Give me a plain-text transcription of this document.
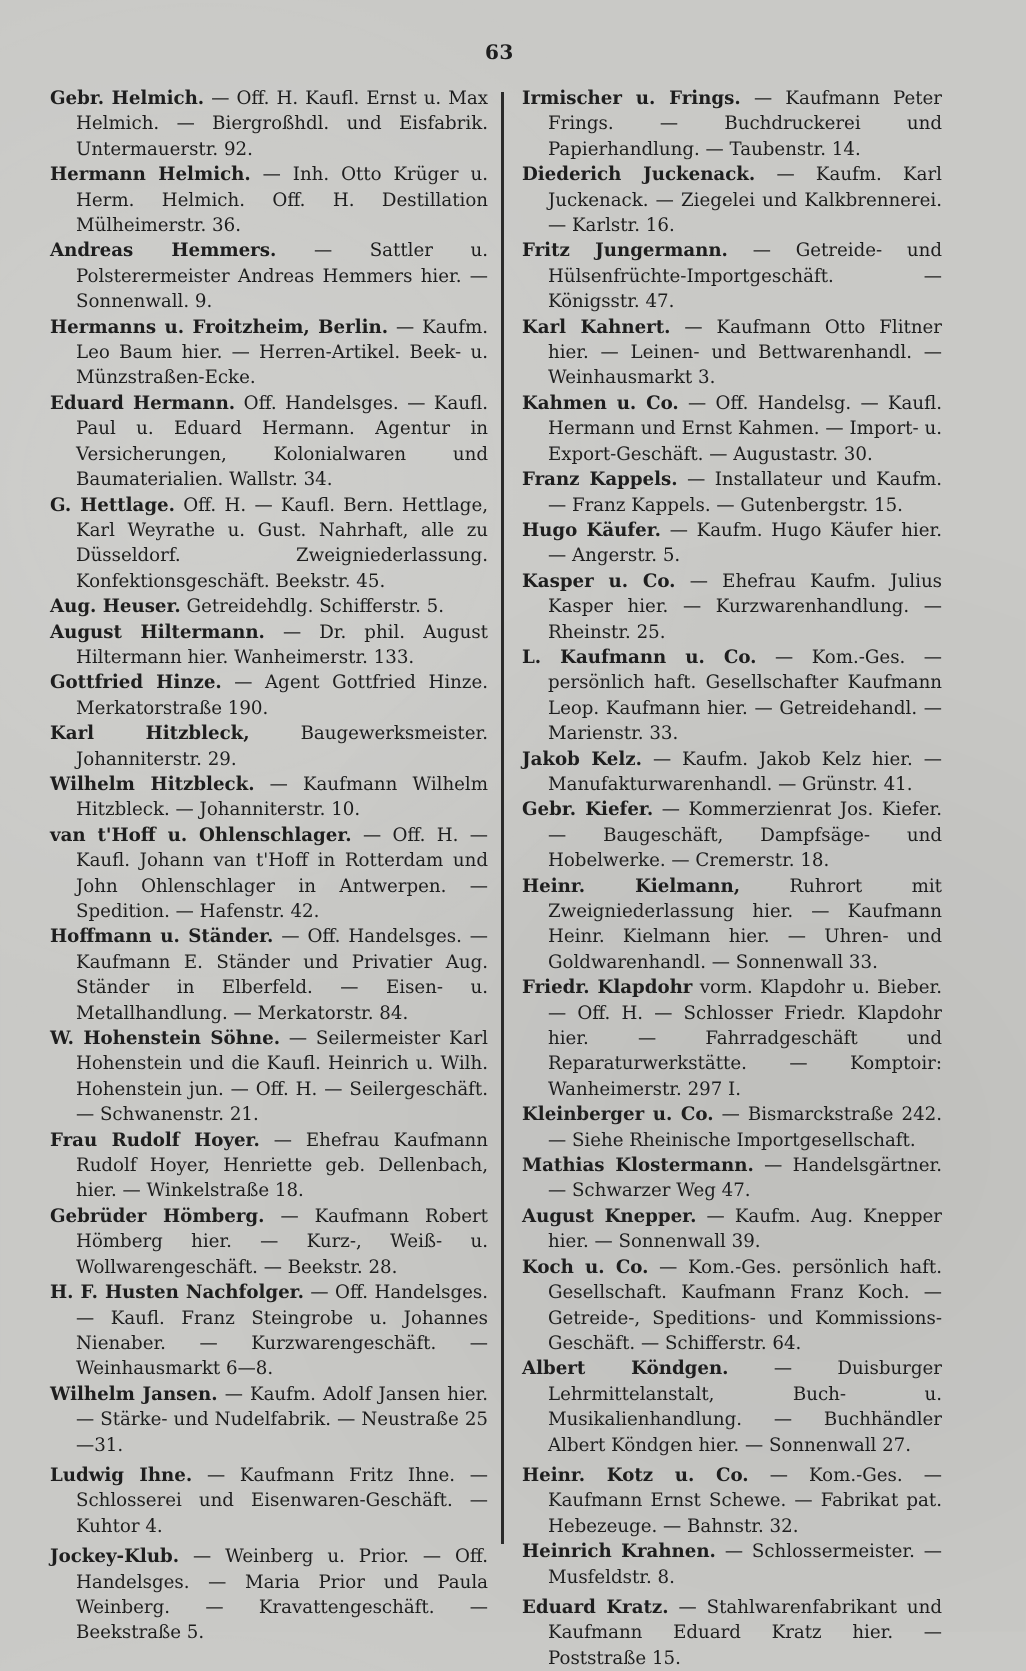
63

Gebr. Helmich. — Off. H. Kaufl. Ernst u. Max Helmich. — Biergroßhdl. und Eisfabrik. Untermauerstr. 92.

Hermann Helmich. — Inh. Otto Krüger u. Herm. Helmich. Off. H. Destillation Mülheimerstr. 36.

Andreas Hemmers. — Sattler u. Polsterermeister Andreas Hemmers hier. — Sonnenwall. 9.

Hermanns u. Froitzheim, Berlin. — Kaufm. Leo Baum hier. — Herren-Artikel. Beek- u. Münzstraßen-Ecke.

Eduard Hermann. Off. Handelsges. — Kaufl. Paul u. Eduard Hermann. Agentur in Versicherungen, Kolonialwaren und Baumaterialien. Wallstr. 34.

G. Hettlage. Off. H. — Kaufl. Bern. Hettlage, Karl Weyrathe u. Gust. Nahrhaft, alle zu Düsseldorf. Zweigniederlassung. Konfektionsgeschäft. Beekstr. 45.

Aug. Heuser. Getreidehdlg. Schifferstr. 5.

August Hiltermann. — Dr. phil. August Hiltermann hier. Wanheimerstr. 133.

Gottfried Hinze. — Agent Gottfried Hinze. Merkatorstraße 190.

Karl Hitzbleck,	Baugewerksmeister. Johanniterstr. 29.

Wilhelm Hitzbleck. — Kaufmann Wilhelm Hitzbleck. — Johanniterstr. 10.

van t'Hoff u. Ohlenschlager. — Off. H. — Kaufl. Johann van t'Hoff in Rotterdam und John Ohlenschlager in Antwerpen. — Spedition. — Hafenstr. 42.

Hoffmann u. Ständer. — Off. Handelsges. — Kaufmann E. Ständer und Privatier Aug. Ständer in Elberfeld. — Eisen- u. Metallhandlung. — Merkatorstr. 84.

W. Hohenstein Söhne. — Seilermeister Karl Hohenstein und die Kaufl. Heinrich u. Wilh. Hohenstein jun. — Off. H. — Seilergeschäft. — Schwanenstr. 21.

Frau Rudolf Hoyer. — Ehefrau Kaufmann Rudolf Hoyer, Henriette geb. Dellenbach, hier. — Winkelstraße 18.

Gebrüder Hömberg. — Kaufmann Robert Hömberg hier. — Kurz-, Weiß- u. Wollwarengeschäft. — Beekstr. 28.

H. F. Husten Nachfolger. — Off. Handelsges. — Kaufl. Franz Steingrobe u. Johannes Nienaber. — Kurzwarengeschäft. — Weinhausmarkt 6—8.

Wilhelm Jansen. — Kaufm. Adolf Jansen hier. — Stärke- und Nudelfabrik. — Neustraße 25—31.

Ludwig Ihne. — Kaufmann Fritz Ihne. — Schlosserei und Eisenwaren-Geschäft. — Kuhtor 4.

Jockey-Klub. — Weinberg u. Prior. — Off. Handelsges. — Maria Prior und Paula Weinberg. — Kravattengeschäft. — Beekstraße 5.

Irmischer u. Frings. — Kaufmann Peter Frings. — Buchdruckerei und Papierhandlung. — Taubenstr. 14.

Diederich Juckenack. — Kaufm. Karl Juckenack. — Ziegelei und Kalkbrennerei. — Karlstr. 16.

Fritz Jungermann. — Getreide- und Hülsenfrüchte-Importgeschäft. — Königsstr. 47.

Karl Kahnert. — Kaufmann Otto Flitner hier. — Leinen- und Bettwarenhandl. — Weinhausmarkt 3.

Kahmen u. Co. — Off. Handelsg. — Kaufl. Hermann und Ernst Kahmen. — Import- u. Export-Geschäft. — Augustastr. 30.

Franz Kappels. — Installateur und Kaufm. — Franz Kappels. — Gutenbergstr. 15.

Hugo Käufer. — Kaufm. Hugo Käufer hier. — Angerstr. 5.

Kasper u. Co. — Ehefrau Kaufm. Julius Kasper hier. — Kurzwarenhandlung. — Rheinstr. 25.

L. Kaufmann u. Co. — Kom.-Ges. — persönlich haft. Gesellschafter Kaufmann Leop. Kaufmann hier. — Getreidehandl. — Marienstr. 33.

Jakob Kelz. — Kaufm. Jakob Kelz hier. — Manufakturwarenhandl. — Grünstr. 41.

Gebr. Kiefer. — Kommerzienrat Jos. Kiefer. — Baugeschäft, Dampfsäge- und Hobelwerke. — Cremerstr. 18.

Heinr. Kielmann,	Ruhrort mit Zweigniederlassung hier. — Kaufmann Heinr. Kielmann hier. — Uhren- und Goldwarenhandl. — Sonnenwall 33.

Friedr. Klapdohr vorm. Klapdohr u. Bieber. — Off. H. — Schlosser Friedr. Klapdohr hier. — Fahrradgeschäft und Reparaturwerkstätte. — Komptoir: Wanheimerstr. 297 I.

Kleinberger u. Co. — Bismarckstraße 242. — Siehe Rheinische Importgesellschaft.

Mathias Klostermann. — Handelsgärtner. — Schwarzer Weg 47.

August Knepper. — Kaufm. Aug. Knepper hier. — Sonnenwall 39.

Koch u. Co. — Kom.-Ges. persönlich haft. Gesellschaft. Kaufmann Franz Koch. — Getreide-, Speditions- und Kommissions-Geschäft. — Schifferstr. 64.

Albert Köndgen. — Duisburger Lehrmittelanstalt, Buch- u. Musikalienhandlung. — Buchhändler Albert Köndgen hier. — Sonnenwall 27.

Heinr. Kotz u. Co. — Kom.-Ges. — Kaufmann Ernst Schewe. — Fabrikat pat. Hebezeuge. — Bahnstr. 32.

Heinrich Krahnen. — Schlossermeister. — Musfeldstr. 8.

Eduard Kratz. — Stahlwarenfabrikant und Kaufmann Eduard Kratz hier. — Poststraße 15.
